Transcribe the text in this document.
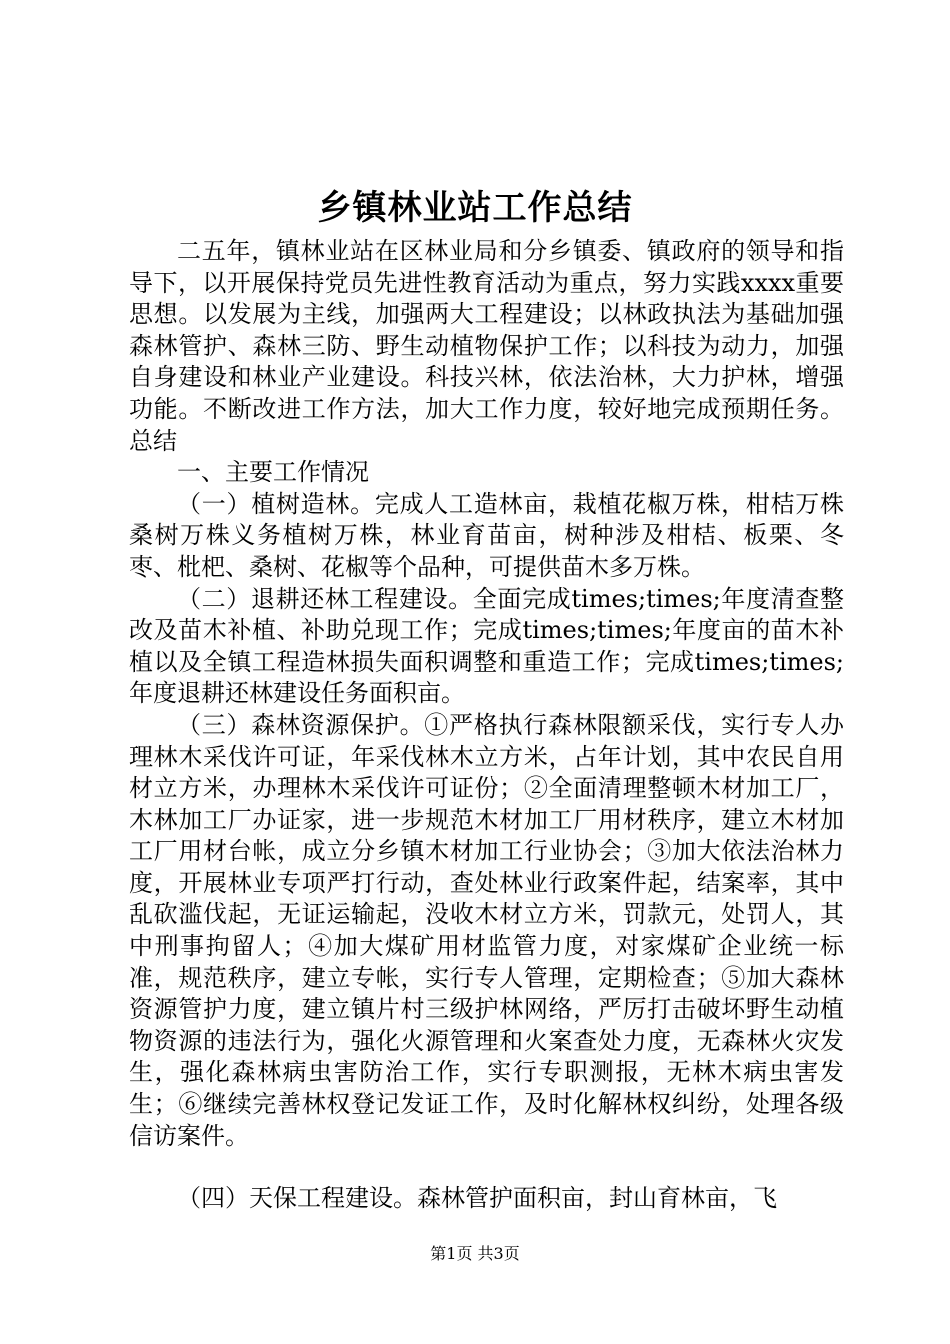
乡镇林业站工作总结

二五年，镇林业站在区林业局和分乡镇委、镇政府的领导和指导下，以开展保持党员先进性教育活动为重点，努力实践xxxx重要思想。以发展为主线，加强两大工程建设；以林政执法为基础加强森林管护、森林三防、野生动植物保护工作；以科技为动力，加强自身建设和林业产业建设。科技兴林，依法治林，大力护林，增强功能。不断改进工作方法，加大工作力度，较好地完成预期任务。总结

一、主要工作情况

（一）植树造林。完成人工造林亩，栽植花椒万株，柑桔万株桑树万株义务植树万株，林业育苗亩，树种涉及柑桔、板栗、冬枣、枇杷、桑树、花椒等个品种，可提供苗木多万株。

（二）退耕还林工程建设。全面完成times;times;年度清查整改及苗木补植、补助兑现工作；完成times;times;年度亩的苗木补植以及全镇工程造林损失面积调整和重造工作；完成times;times;年度退耕还林建设任务面积亩。

（三）森林资源保护。①严格执行森林限额采伐，实行专人办理林木采伐许可证，年采伐林木立方米，占年计划，其中农民自用材立方米，办理林木采伐许可证份；②全面清理整顿木材加工厂，木林加工厂办证家，进一步规范木材加工厂用材秩序，建立木材加工厂用材台帐，成立分乡镇木材加工行业协会；③加大依法治林力度，开展林业专项严打行动，查处林业行政案件起，结案率，其中乱砍滥伐起，无证运输起，没收木材立方米，罚款元，处罚人，其中刑事拘留人；④加大煤矿用材监管力度，对家煤矿企业统一标准，规范秩序，建立专帐，实行专人管理，定期检查；⑤加大森林资源管护力度，建立镇片村三级护林网络，严厉打击破坏野生动植物资源的违法行为，强化火源管理和火案查处力度，无森林火灾发生，强化森林病虫害防治工作，实行专职测报，无林木病虫害发生；⑥继续完善林权登记发证工作，及时化解林权纠纷，处理各级信访案件。

（四）天保工程建设。森林管护面积亩，封山育林亩，飞

第1页 共3页
